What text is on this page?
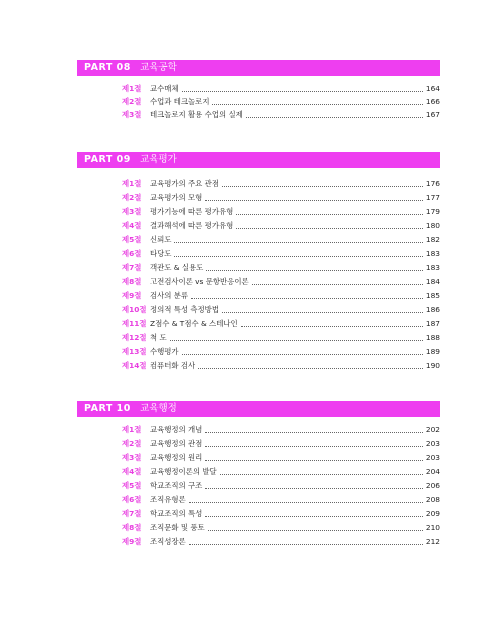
PART 08 교육공학
제1절	교수매체	164
제2절	수업과 테크놀로지	166
제3절	테크놀로지 활용 수업의 실제	167
PART 09 교육평가
제1절	교육평가의 주요 관점	176
제2절	교육평가의 모형	177
제3절	평가기능에 따른 평가유형	179
제4절	결과해석에 따른 평가유형	180
제5절	신뢰도	182
제6절	타당도	183
제7절	객관도 & 실용도	183
제8절	고전검사이론 vs 문항반응이론	184
제9절	검사의 분류	185
제10절 정의적 특성 측정방법	186
제11절 Z점수 & T점수 & 스테나인	187
제12절 척 도	188
제13절 수행평가	189
제14절 컴퓨터화 검사	190
PART 10 교육행정
제1절	교육행정의 개념	202
제2절	교육행정의 관점	203
제3절	교육행정의 원리	203
제4절	교육행정이론의 발달	204
제5절	학교조직의 구조	206
제6절	조직유형론	208
제7절	학교조직의 특성	209
제8절	조직문화 및 풍토	210
제9절	조직성장론	212
